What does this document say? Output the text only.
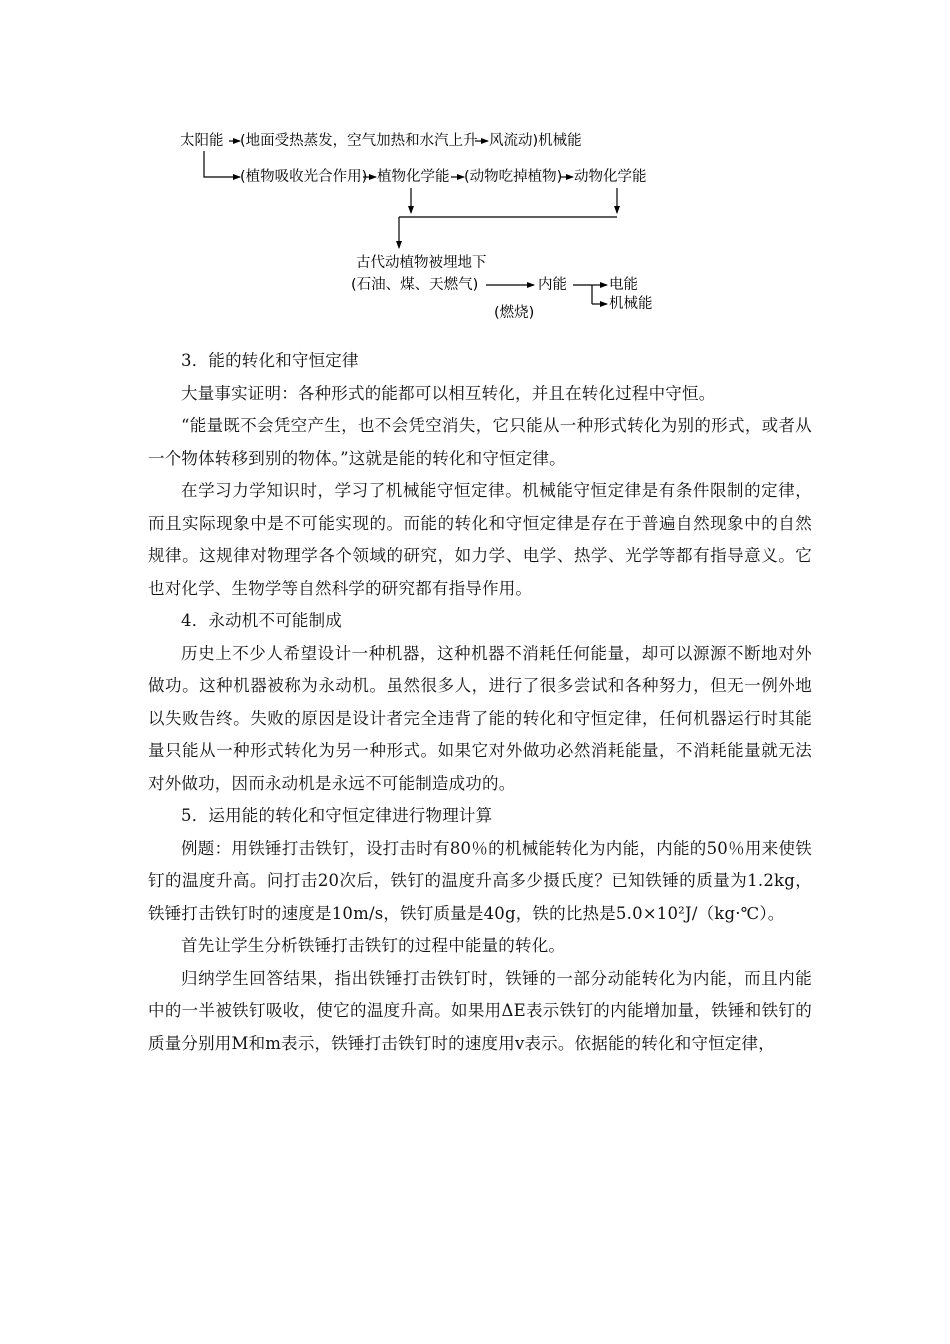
太阳能 (地面受热蒸发，空气加热和水汽上升 风流动)机械能
(植物吸收光合作用) 植物化学能 (动物吃掉植物) 动物化学能
古代动植物被埋地下
(石油、煤、天燃气)	内能	电能
机械能
(燃烧)

3．能的转化和守恒定律

大量事实证明：各种形式的能都可以相互转化，并且在转化过程中守恒。

“能量既不会凭空产生，也不会凭空消失，它只能从一种形式转化为别的形式，或者从一个物体转移到别的物体。”这就是能的转化和守恒定律。

在学习力学知识时，学习了机械能守恒定律。机械能守恒定律是有条件限制的定律，而且实际现象中是不可能实现的。而能的转化和守恒定律是存在于普遍自然现象中的自然规律。这规律对物理学各个领域的研究，如力学、电学、热学、光学等都有指导意义。它也对化学、生物学等自然科学的研究都有指导作用。

4．永动机不可能制成

历史上不少人希望设计一种机器，这种机器不消耗任何能量，却可以源源不断地对外做功。这种机器被称为永动机。虽然很多人，进行了很多尝试和各种努力，但无一例外地以失败告终。失败的原因是设计者完全违背了能的转化和守恒定律，任何机器运行时其能量只能从一种形式转化为另一种形式。如果它对外做功必然消耗能量，不消耗能量就无法对外做功，因而永动机是永远不可能制造成功的。

5．运用能的转化和守恒定律进行物理计算

例题：用铁锤打击铁钉，设打击时有80％的机械能转化为内能，内能的50％用来使铁钉的温度升高。问打击20次后，铁钉的温度升高多少摄氏度？已知铁锤的质量为1.2kg，铁锤打击铁钉时的速度是10m/s，铁钉质量是40g，铁的比热是5.0×10²J/（kg·℃）。

首先让学生分析铁锤打击铁钉的过程中能量的转化。

归纳学生回答结果，指出铁锤打击铁钉时，铁锤的一部分动能转化为内能，而且内能中的一半被铁钉吸收，使它的温度升高。如果用ΔE表示铁钉的内能增加量，铁锤和铁钉的质量分别用M和m表示，铁锤打击铁钉时的速度用v表示。依据能的转化和守恒定律，
